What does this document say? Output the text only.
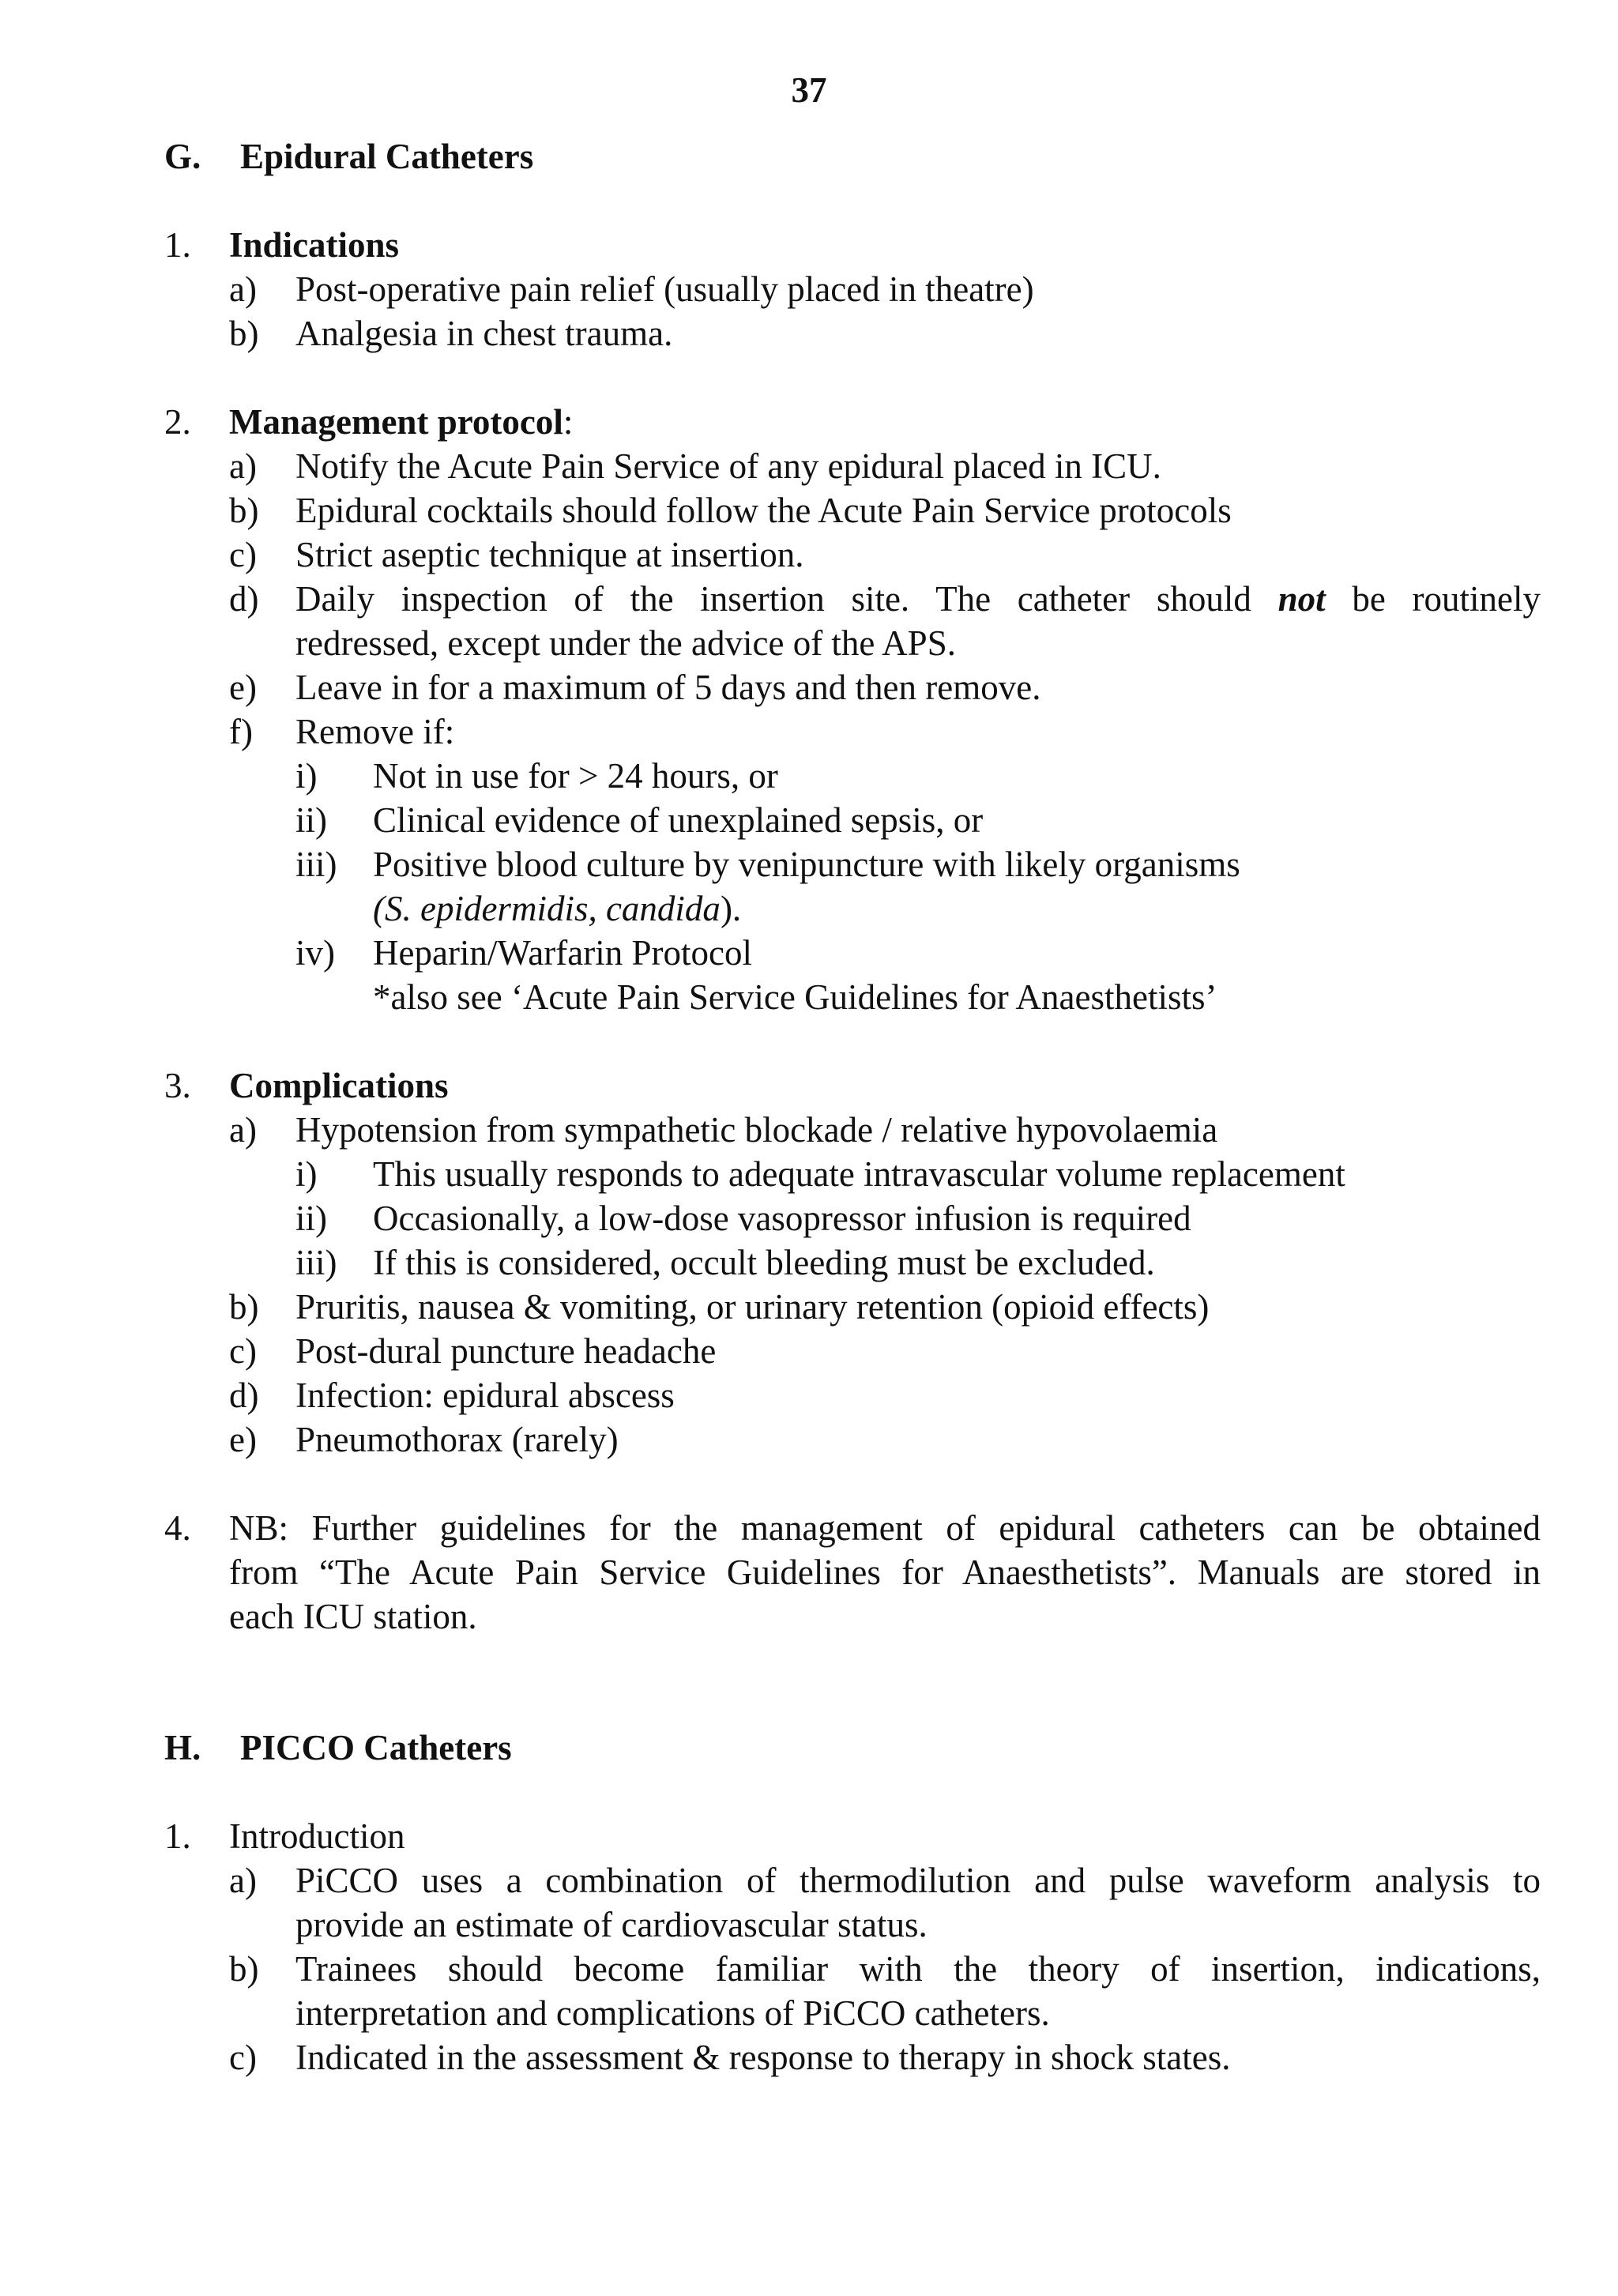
37
G. Epidural Catheters
1. Indications
a) Post-operative pain relief (usually placed in theatre)
b) Analgesia in chest trauma.
2. Management protocol:
a) Notify the Acute Pain Service of any epidural placed in ICU.
b) Epidural cocktails should follow the Acute Pain Service protocols
c) Strict aseptic technique at insertion.
d) Daily inspection of the insertion site. The catheter should not be routinely
redressed, except under the advice of the APS.
e) Leave in for a maximum of 5 days and then remove.
f) Remove if:
i) Not in use for > 24 hours, or
ii) Clinical evidence of unexplained sepsis, or
iii) Positive blood culture by venipuncture with likely organisms
(S. epidermidis, candida).
iv) Heparin/Warfarin Protocol
*also see ‘Acute Pain Service Guidelines for Anaesthetists’
3. Complications
a) Hypotension from sympathetic blockade / relative hypovolaemia
i) This usually responds to adequate intravascular volume replacement
ii) Occasionally, a low-dose vasopressor infusion is required
iii) If this is considered, occult bleeding must be excluded.
b) Pruritis, nausea & vomiting, or urinary retention (opioid effects)
c) Post-dural puncture headache
d) Infection: epidural abscess
e) Pneumothorax (rarely)
4. NB: Further guidelines for the management of epidural catheters can be obtained
from “The Acute Pain Service Guidelines for Anaesthetists”. Manuals are stored in
each ICU station.
H. PICCO Catheters
1. Introduction
a) PiCCO uses a combination of thermodilution and pulse waveform analysis to
provide an estimate of cardiovascular status.
b) Trainees should become familiar with the theory of insertion, indications,
interpretation and complications of PiCCO catheters.
c) Indicated in the assessment & response to therapy in shock states.
